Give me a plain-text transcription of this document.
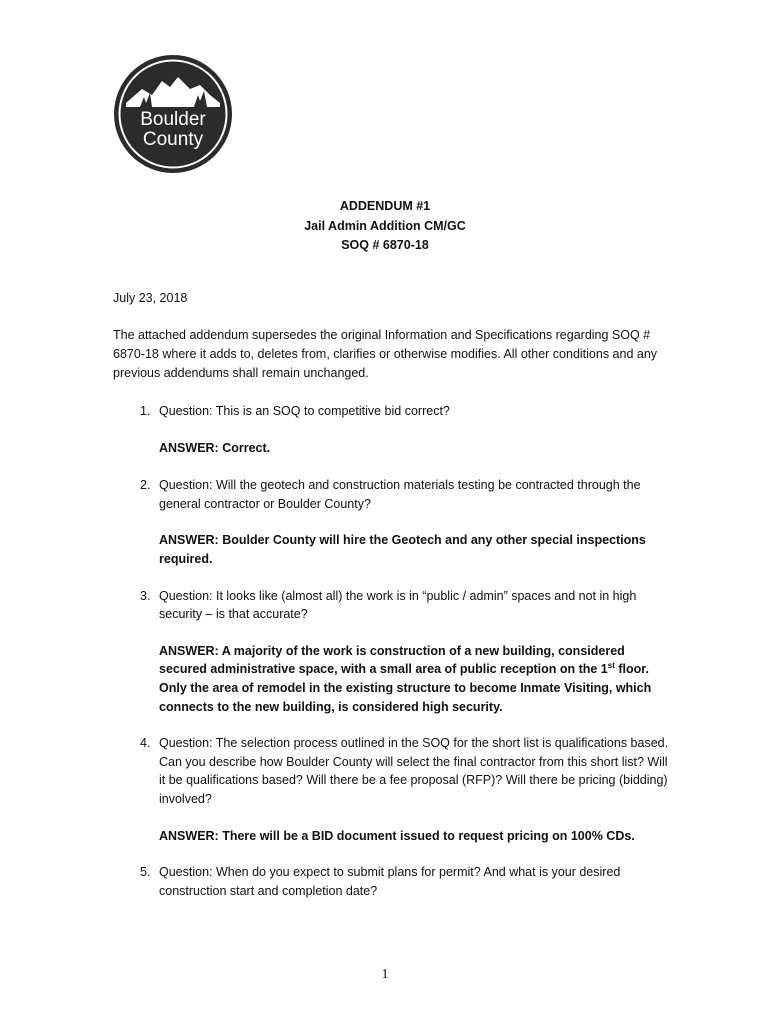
Boulder
County
ADDENDUM #1
Jail Admin Addition CM/GC
SOQ # 6870-18
July 23, 2018
The attached addendum supersedes the original Information and Specifications regarding SOQ # 6870-18 where it adds to, deletes from, clarifies or otherwise modifies. All other conditions and any previous addendums shall remain unchanged.
1. Question: This is an SOQ to competitive bid correct?
ANSWER: Correct.
2. Question: Will the geotech and construction materials testing be contracted through the general contractor or Boulder County?
ANSWER: Boulder County will hire the Geotech and any other special inspections required.
3. Question: It looks like (almost all) the work is in “public / admin” spaces and not in high security – is that accurate?
ANSWER: A majority of the work is construction of a new building, considered secured administrative space, with a small area of public reception on the 1st floor. Only the area of remodel in the existing structure to become Inmate Visiting, which connects to the new building, is considered high security.
4. Question: The selection process outlined in the SOQ for the short list is qualifications based. Can you describe how Boulder County will select the final contractor from this short list? Will it be qualifications based? Will there be a fee proposal (RFP)? Will there be pricing (bidding) involved?
ANSWER: There will be a BID document issued to request pricing on 100% CDs.
5. Question: When do you expect to submit plans for permit? And what is your desired construction start and completion date?
1
